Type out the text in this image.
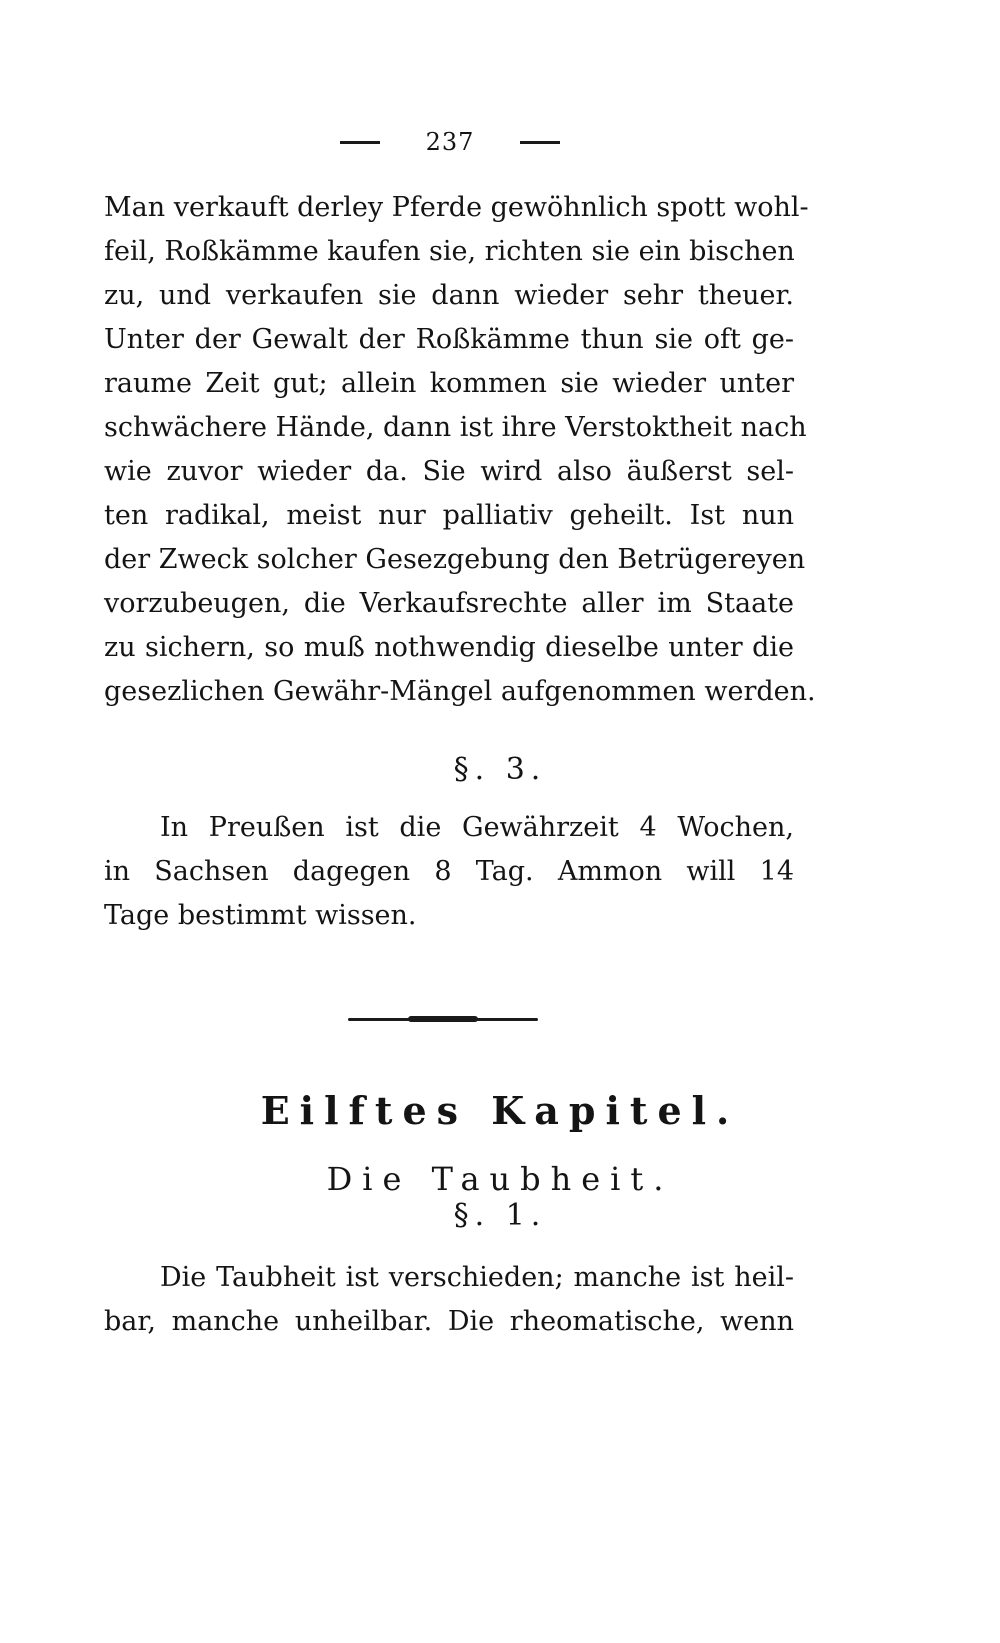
237
Man verkauft derley Pferde gewöhnlich spott wohl-
feil, Roßkämme kaufen sie, richten sie ein bischen
zu, und verkaufen sie dann wieder sehr theuer.
Unter der Gewalt der Roßkämme thun sie oft ge-
raume Zeit gut; allein kommen sie wieder unter
schwächere Hände, dann ist ihre Verstoktheit nach
wie zuvor wieder da. Sie wird also äußerst sel-
ten radikal, meist nur palliativ geheilt. Ist nun
der Zweck solcher Gesezgebung den Betrügereyen
vorzubeugen, die Verkaufsrechte aller im Staate
zu sichern, so muß nothwendig dieselbe unter die
gesezlichen Gewähr-Mängel aufgenommen werden.
§. 3.
In Preußen ist die Gewährzeit 4 Wochen,
in Sachsen dagegen 8 Tag. Ammon will 14
Tage bestimmt wissen.
Eilftes Kapitel.
Die Taubheit.
§. 1.
Die Taubheit ist verschieden; manche ist heil-
bar, manche unheilbar. Die rheomatische, wenn
